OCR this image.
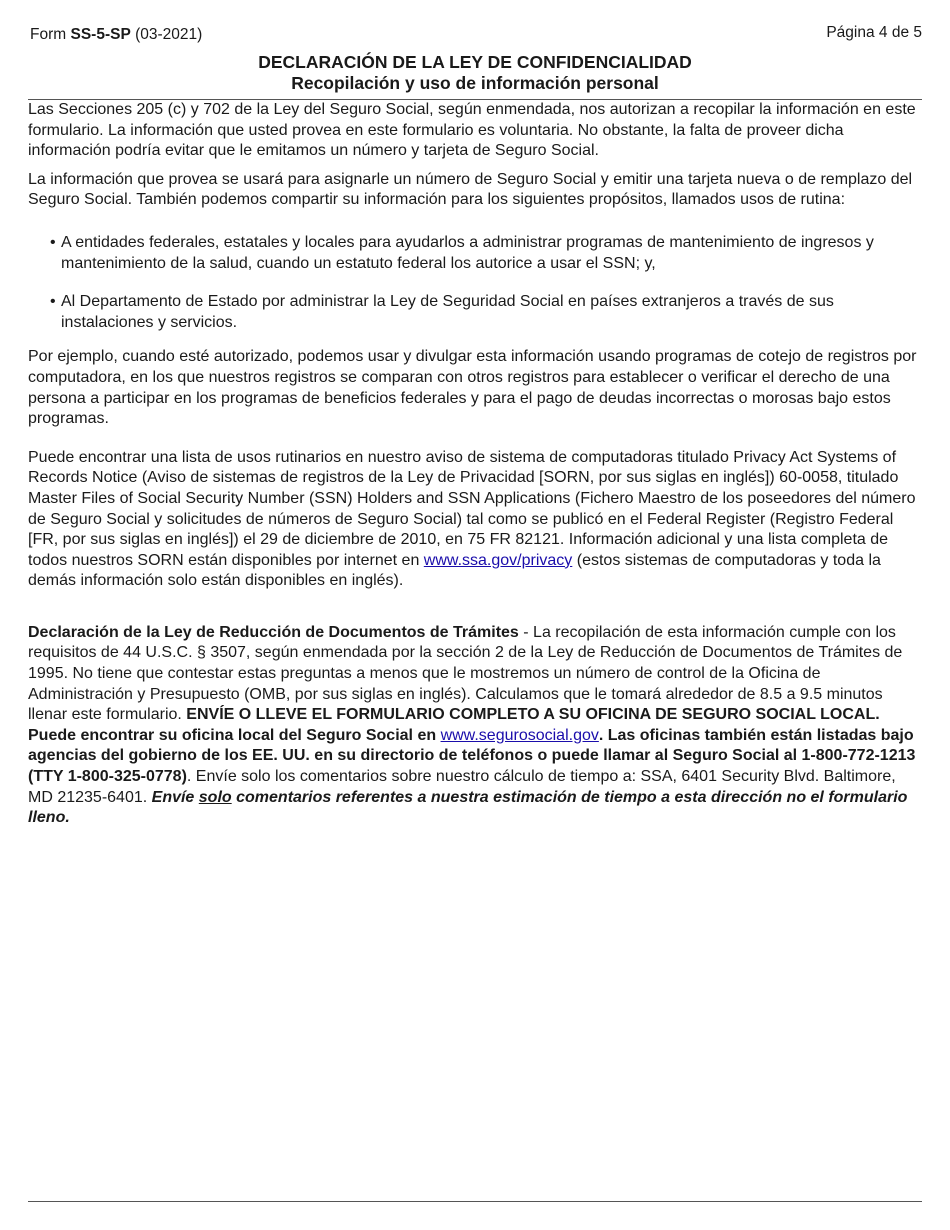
Form SS-5-SP (03-2021)	Página 4 de 5
DECLARACIÓN DE LA LEY DE CONFIDENCIALIDAD
Recopilación y uso de información personal

Las Secciones 205 (c) y 702 de la Ley del Seguro Social, según enmendada, nos autorizan a recopilar la información en este formulario. La información que usted provea en este formulario es voluntaria. No obstante, la falta de proveer dicha información podría evitar que le emitamos un número y tarjeta de Seguro Social.

La información que provea se usará para asignarle un número de Seguro Social y emitir una tarjeta nueva o de remplazo del Seguro Social. También podemos compartir su información para los siguientes propósitos, llamados usos de rutina:

• A entidades federales, estatales y locales para ayudarlos a administrar programas de mantenimiento de ingresos y mantenimiento de la salud, cuando un estatuto federal los autorice a usar el SSN; y,
• Al Departamento de Estado por administrar la Ley de Seguridad Social en países extranjeros a través de sus instalaciones y servicios.

Por ejemplo, cuando esté autorizado, podemos usar y divulgar esta información usando programas de cotejo de registros por computadora, en los que nuestros registros se comparan con otros registros para establecer o verificar el derecho de una persona a participar en los programas de beneficios federales y para el pago de deudas incorrectas o morosas bajo estos programas.

Puede encontrar una lista de usos rutinarios en nuestro aviso de sistema de computadoras titulado Privacy Act Systems of Records Notice (Aviso de sistemas de registros de la Ley de Privacidad [SORN, por sus siglas en inglés]) 60-0058, titulado Master Files of Social Security Number (SSN) Holders and SSN Applications (Fichero Maestro de los poseedores del número de Seguro Social y solicitudes de números de Seguro Social) tal como se publicó en el Federal Register (Registro Federal [FR, por sus siglas en inglés]) el 29 de diciembre de 2010, en 75 FR 82121. Información adicional y una lista completa de todos nuestros SORN están disponibles por internet en www.ssa.gov/privacy (estos sistemas de computadoras y toda la demás información solo están disponibles en inglés).

Declaración de la Ley de Reducción de Documentos de Trámites - La recopilación de esta información cumple con los requisitos de 44 U.S.C. § 3507, según enmendada por la sección 2 de la Ley de Reducción de Documentos de Trámites de 1995. No tiene que contestar estas preguntas a menos que le mostremos un número de control de la Oficina de Administración y Presupuesto (OMB, por sus siglas en inglés). Calculamos que le tomará alrededor de 8.5 a 9.5 minutos llenar este formulario. ENVÍE O LLEVE EL FORMULARIO COMPLETO A SU OFICINA DE SEGURO SOCIAL LOCAL. Puede encontrar su oficina local del Seguro Social en www.segurosocial.gov. Las oficinas también están listadas bajo agencias del gobierno de los EE. UU. en su directorio de teléfonos o puede llamar al Seguro Social al 1-800-772-1213 (TTY 1-800-325-0778). Envíe solo los comentarios sobre nuestro cálculo de tiempo a: SSA, 6401 Security Blvd. Baltimore, MD 21235-6401. Envíe solo comentarios referentes a nuestra estimación de tiempo a esta dirección no el formulario lleno.
